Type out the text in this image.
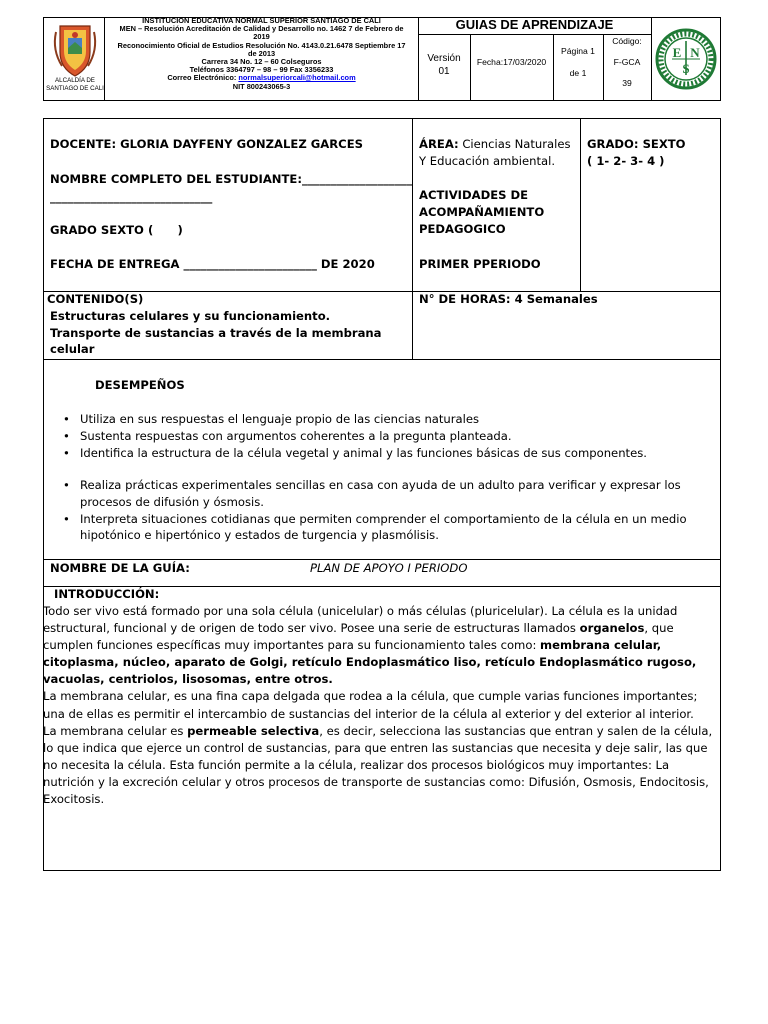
ALCALDÍA DE
SANTIAGO DE CALI
INSTITUCION EDUCATIVA NORMAL SUPERIOR SANTIAGO DE CALI
MEN – Resolución Acreditación de Calidad y Desarrollo no. 1462 7 de Febrero de
2019
Reconocimiento Oficial de Estudios Resolución No. 4143.0.21.6478 Septiembre 17
de 2013
Carrera 34 No. 12 – 60 Colseguros
Teléfonos 3364797 – 98 – 99 Fax 3356233
Correo Electrónico: normalsuperiorcali@hotmail.com
NIT 800243065-3
GUIAS DE APRENDIZAJE
Versión
01
Fecha:17/03/2020
Página 1
de 1
Código:
F-GCA
39
E N
S
DOCENTE: GLORIA DAYFENY GONZALEZ GARCES
NOMBRE COMPLETO DEL ESTUDIANTE:___________________
____________________________
GRADO SEXTO (      )
FECHA DE ENTREGA _______________________ DE 2020
ÁREA: Ciencias Naturales Y Educación ambiental.
ACTIVIDADES DE
ACOMPAÑAMIENTO
PEDAGOGICO
PRIMER PPERIODO
GRADO: SEXTO
( 1- 2- 3- 4 )
CONTENIDO(S)
Estructuras celulares y su funcionamiento.
Transporte de sustancias a través de la membrana celular
N° DE HORAS: 4 Semanales
DESEMPEÑOS
• Utiliza en sus respuestas el lenguaje propio de las ciencias naturales
• Sustenta respuestas con argumentos coherentes a la pregunta planteada.
• Identifica la estructura de la célula vegetal y animal y las funciones básicas de sus componentes.
• Realiza prácticas experimentales sencillas en casa con ayuda de un adulto para verificar y expresar los procesos de difusión y ósmosis.
• Interpreta situaciones cotidianas que permiten comprender el comportamiento de la célula en un medio hipotónico e hipertónico y estados de turgencia y plasmólisis.
NOMBRE DE LA GUÍA:	PLAN DE APOYO I PERIODO
INTRODUCCIÓN:
Todo ser vivo está formado por una sola célula (unicelular) o más células (pluricelular). La célula es la unidad estructural, funcional y de origen de todo ser vivo. Posee una serie de estructuras llamados organelos, que cumplen funciones específicas muy importantes para su funcionamiento tales como: membrana celular, citoplasma, núcleo, aparato de Golgi, retículo Endoplasmático liso, retículo Endoplasmático rugoso, vacuolas, centriolos, lisosomas, entre otros.
La membrana celular, es una fina capa delgada que rodea a la célula, que cumple varias funciones importantes; una de ellas es permitir el intercambio de sustancias del interior de la célula al exterior y del exterior al interior.
La membrana celular es permeable selectiva, es decir, selecciona las sustancias que entran y salen de la célula, lo que indica que ejerce un control de sustancias, para que entren las sustancias que necesita y deje salir, las que no necesita la célula. Esta función permite a la célula, realizar dos procesos biológicos muy importantes: La nutrición y la excreción celular y otros procesos de transporte de sustancias como: Difusión, Osmosis, Endocitosis, Exocitosis.
